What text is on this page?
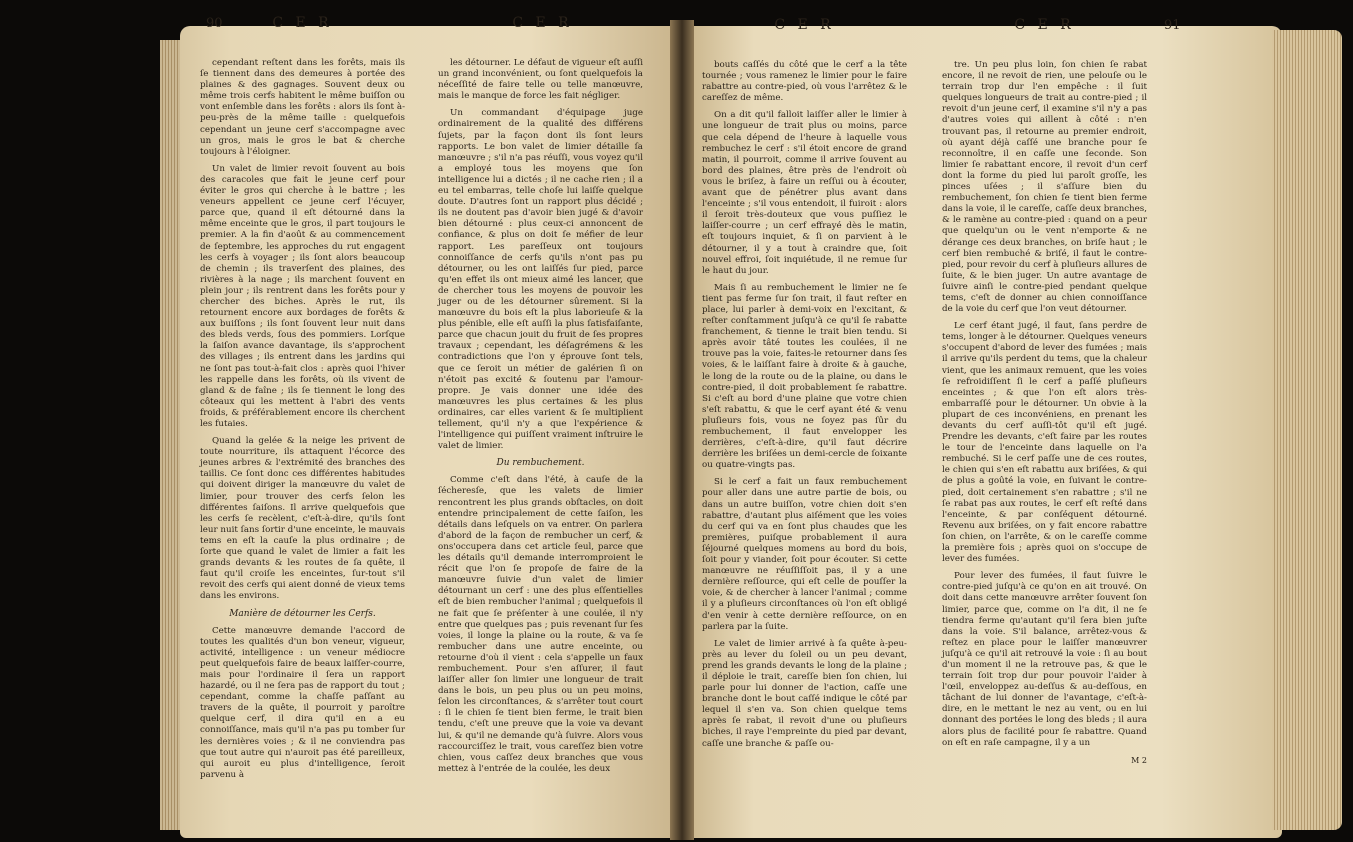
90	C E R	C E R

cependant reſtent dans les forêts, mais ils ſe tiennent dans des demeures à portée des plaines & des gagnages. Souvent deux ou même trois cerfs habitent le même buiſſon ou vont enſemble dans les forêts : alors ils ſont à-peu-près de la même taille : quelquefois cependant un jeune cerf s'accompagne avec un gros, mais le gros le bat & cherche toujours à l'éloigner.

Un valet de limier revoit ſouvent au bois des caracoles que fait le jeune cerf pour éviter le gros qui cherche à le battre ; les veneurs appellent ce jeune cerf l'écuyer, parce que, quand il eſt détourné dans la même enceinte que le gros, il part toujours le premier. A la fin d'août & au commencement de ſeptembre, les approches du rut engagent les cerfs à voyager ; ils ſont alors beaucoup de chemin ; ils traverſent des plaines, des rivières à la nage ; ils marchent ſouvent en plein jour ; ils rentrent dans les forêts pour y chercher des biches. Après le rut, ils retournent encore aux bordages de forêts & aux buiſſons ; ils ſont ſouvent leur nuit dans des bleds verds, ſous des pommiers. Lorſque la ſaiſon avance davantage, ils s'approchent des villages ; ils entrent dans les jardins qui ne ſont pas tout-à-fait clos : après quoi l'hiver les rappelle dans les forêts, où ils vivent de gland & de faîne ; ils ſe tiennent le long des côteaux qui les mettent à l'abri des vents froids, & préférablement encore ils cherchent les futaies.

Quand la gelée & la neige les privent de toute nourriture, ils attaquent l'écorce des jeunes arbres & l'extrémité des branches des taillis. Ce ſont donc ces différentes habitudes qui doivent diriger la manœuvre du valet de limier, pour trouver des cerfs ſelon les différentes ſaiſons. Il arrive quelquefois que les cerfs ſe recèlent, c'eſt-à-dire, qu'ils ſont leur nuit ſans ſortir d'une enceinte, le mauvais tems en eſt la cauſe la plus ordinaire ; de ſorte que quand le valet de limier a fait les grands devants & les routes de ſa quête, il faut qu'il croiſe les enceintes, ſur-tout s'il revoit des cerfs qui aient donné de vieux tems dans les environs.

Manière de détourner les Cerfs.

Cette manœuvre demande l'accord de toutes les qualités d'un bon veneur, vigueur, activité, intelligence : un veneur médiocre peut quelquefois faire de beaux laiſſer-courre, mais pour l'ordinaire il ſera un rapport hazardé, ou il ne ſera pas de rapport du tout ; cependant, comme la chaſſe paſſant au travers de la quête, il pourroit y paroître quelque cerf, il dira qu'il en a eu connoiſſance, mais qu'il n'a pas pu tomber ſur les dernières voies ; & il ne conviendra pas que tout autre qui n'auroit pas été pareilleux, qui auroit eu plus d'intelligence, ſeroit parvenu à

les détourner. Le défaut de vigueur eſt auſſi un grand inconvénient, ou ſont quelquefois la néceſſité de faire telle ou telle manœuvre, mais le manque de force les fait négliger.

Un commandant d'équipage juge ordinairement de la qualité des différens ſujets, par la façon dont ils ſont leurs rapports. Le bon valet de limier détaille ſa manœuvre ; s'il n'a pas réuſſi, vous voyez qu'il a employé tous les moyens que ſon intelligence lui a dictés ; il ne cache rien ; il a eu tel embarras, telle choſe lui laiſſe quelque doute. D'autres ſont un rapport plus décidé ; ils ne doutent pas d'avoir bien jugé & d'avoir bien détourné : plus ceux-ci annoncent de confiance, & plus on doit ſe méfier de leur rapport. Les pareſſeux ont toujours connoiſſance de cerfs qu'ils n'ont pas pu détourner, ou les ont laiſſés ſur pied, parce qu'en effet ils ont mieux aimé les lancer, que de chercher tous les moyens de pouvoir les juger ou de les détourner sûrement. Si la manœuvre du bois eſt la plus laborieuſe & la plus pénible, elle eſt auſſi la plus ſatisfaiſante, parce que chacun jouit du fruit de ſes propres travaux ; cependant, les déſagrémens & les contradictions que l'on y éprouve ſont tels, que ce ſeroit un métier de galérien ſi on n'étoit pas excité & ſoutenu par l'amour-propre. Je vais donner une idée des manœuvres les plus certaines & les plus ordinaires, car elles varient & ſe multiplient tellement, qu'il n'y a que l'expérience & l'intelligence qui puiſſent vraiment inſtruire le valet de limier.

Du rembuchement.

Comme c'eſt dans l'été, à cauſe de la ſécheresſe, que les valets de limier rencontrent les plus grands obſtacles, on doit entendre principalement de cette ſaiſon, les détails dans leſquels on va entrer. On parlera d'abord de la façon de rembucher un cerf, & ons'occupera dans cet article ſeul, parce que les détails qu'il demande interromproient le récit que l'on ſe propoſe de faire de la manœuvre ſuivie d'un valet de limier détournant un cerf : une des plus eſſentielles eſt de bien rembucher l'animal ; quelquefois il ne fait que ſe préſenter à une coulée, il n'y entre que quelques pas ; puis revenant ſur ſes voies, il longe la plaine ou la route, & va ſe rembucher dans une autre enceinte, ou retourne d'où il vient : cela s'appelle un faux rembuchement. Pour s'en aſſurer, il faut laiſſer aller ſon limier une longueur de trait dans le bois, un peu plus ou un peu moins, ſelon les circonſtances, & s'arrêter tout court : ſi le chien ſe tient bien ferme, le trait bien tendu, c'eſt une preuve que la voie va devant lui, & qu'il ne demande qu'à ſuivre. Alors vous raccourciſſez le trait, vous careſſez bien votre chien, vous caſſez deux branches que vous mettez à l'entrée de la coulée, les deux

C E R	C E R	91

bouts caſſés du côté que le cerf a la tête tournée ; vous ramenez le limier pour le faire rabattre au contre-pied, où vous l'arrêtez & le careſſez de même.

On a dit qu'il falloit laiſſer aller le limier à une longueur de trait plus ou moins, parce que cela dépend de l'heure à laquelle vous rembuchez le cerf : s'il étoit encore de grand matin, il pourroit, comme il arrive ſouvent au bord des plaines, être près de l'endroit où vous le briſez, à faire un reſſui ou à écouter, avant que de pénétrer plus avant dans l'enceinte ; s'il vous entendoit, il fuiroit : alors il ſeroit très-douteux que vous puſſiez le laiſſer-courre ; un cerf effrayé dès le matin, eſt toujours inquiet, & ſi on parvient à le détourner, il y a tout à craindre que, ſoit nouvel effroi, ſoit inquiétude, il ne remue ſur le haut du jour.

Mais ſi au rembuchement le limier ne ſe tient pas ferme ſur ſon trait, il faut reſter en place, lui parler à demi-voix en l'excitant, & reſter conſtamment juſqu'à ce qu'il ſe rabatte franchement, & tienne le trait bien tendu. Si après avoir tâté toutes les coulées, il ne trouve pas la voie, faites-le retourner dans ſes voies, & le laiſſant faire à droite & à gauche, le long de la route ou de la plaine, ou dans le contre-pied, il doit probablement ſe rabattre. Si c'eſt au bord d'une plaine que votre chien s'eſt rabattu, & que le cerf ayant été & venu pluſieurs fois, vous ne ſoyez pas ſûr du rembuchement, il faut envelopper les derrières, c'eſt-à-dire, qu'il faut décrire derrière les briſées un demi-cercle de ſoixante ou quatre-vingts pas.

Si le cerf a fait un faux rembuchement pour aller dans une autre partie de bois, ou dans un autre buiſſon, votre chien doit s'en rabattre, d'autant plus aiſément que les voies du cerf qui va en ſont plus chaudes que les premières, puiſque probablement il aura ſéjourné quelques momens au bord du bois, ſoit pour y viander, ſoit pour écouter. Si cette manœuvre ne réuſſiſſoit pas, il y a une dernière reſſource, qui eſt celle de pouſſer la voie, & de chercher à lancer l'animal ; comme il y a pluſieurs circonſtances où l'on eſt obligé d'en venir à cette dernière reſſource, on en parlera par la ſuite.

Le valet de limier arrivé à ſa quête à-peu-près au lever du ſoleil ou un peu devant, prend les grands devants le long de la plaine ; il déploie le trait, careſſe bien ſon chien, lui parle pour lui donner de l'action, caſſe une branche dont le bout caſſé indique le côté par lequel il s'en va. Son chien quelque tems après ſe rabat, il revoit d'une ou pluſieurs biches, il raye l'empreinte du pied par devant, caſſe une branche & paſſe ou-

tre. Un peu plus loin, ſon chien ſe rabat encore, il ne revoit de rien, une pelouſe ou le terrain trop dur l'en empêche : il ſuit quelques longueurs de trait au contre-pied ; il revoit d'un jeune cerf, il examine s'il n'y a pas d'autres voies qui aillent à côté : n'en trouvant pas, il retourne au premier endroit, où ayant déjà caſſé une branche pour ſe reconnoître, il en caſſe une ſeconde. Son limier ſe rabattant encore, il revoit d'un cerf dont la forme du pied lui paroît groſſe, les pinces uſées ; il s'aſſure bien du rembuchement, ſon chien ſe tient bien ferme dans la voie, il le careſſe, caſſe deux branches, & le ramène au contre-pied : quand on a peur que quelqu'un ou le vent n'emporte & ne dérange ces deux branches, on briſe haut ; le cerf bien rembuché & briſé, il faut le contre-pied, pour revoir du cerf à pluſieurs allures de ſuite, & le bien juger. Un autre avantage de ſuivre ainſi le contre-pied pendant quelque tems, c'eſt de donner au chien connoiſſance de la voie du cerf que l'on veut détourner.

Le cerf étant jugé, il faut, ſans perdre de tems, longer à le détourner. Quelques veneurs s'occupent d'abord de lever des fumées ; mais il arrive qu'ils perdent du tems, que la chaleur vient, que les animaux remuent, que les voies ſe refroidiſſent ſi le cerf a paſſé pluſieurs enceintes ; & que l'on eſt alors très-embarraſſé pour le détourner. Un obvie à la plupart de ces inconvéniens, en prenant les devants du cerf auſſi-tôt qu'il eſt jugé. Prendre les devants, c'eſt faire par les routes le tour de l'enceinte dans laquelle on l'a rembuché. Si le cerf paſſe une de ces routes, le chien qui s'en eſt rabattu aux briſées, & qui de plus a goûté la voie, en ſuivant le contre-pied, doit certainement s'en rabattre ; s'il ne ſe rabat pas aux routes, le cerf eſt reſté dans l'enceinte, & par conſéquent détourné. Revenu aux briſées, on y fait encore rabattre ſon chien, on l'arrête, & on le careſſe comme la première fois ; après quoi on s'occupe de lever des fumées.

Pour lever des fumées, il faut ſuivre le contre-pied juſqu'à ce qu'on en ait trouvé. On doit dans cette manœuvre arrêter ſouvent ſon limier, parce que, comme on l'a dit, il ne ſe tiendra ferme qu'autant qu'il ſera bien juſte dans la voie. S'il balance, arrêtez-vous & reſtez en place pour le laiſſer manœuvrer juſqu'à ce qu'il ait retrouvé la voie : ſi au bout d'un moment il ne la retrouve pas, & que le terrain ſoit trop dur pour pouvoir l'aider à l'œil, enveloppez au-deſſus & au-deſſous, en tâchant de lui donner de l'avantage, c'eſt-à-dire, en le mettant le nez au vent, ou en lui donnant des portées le long des bleds ; il aura alors plus de facilité pour ſe rabattre. Quand on eſt en raſe campagne, il y a un

M 2
